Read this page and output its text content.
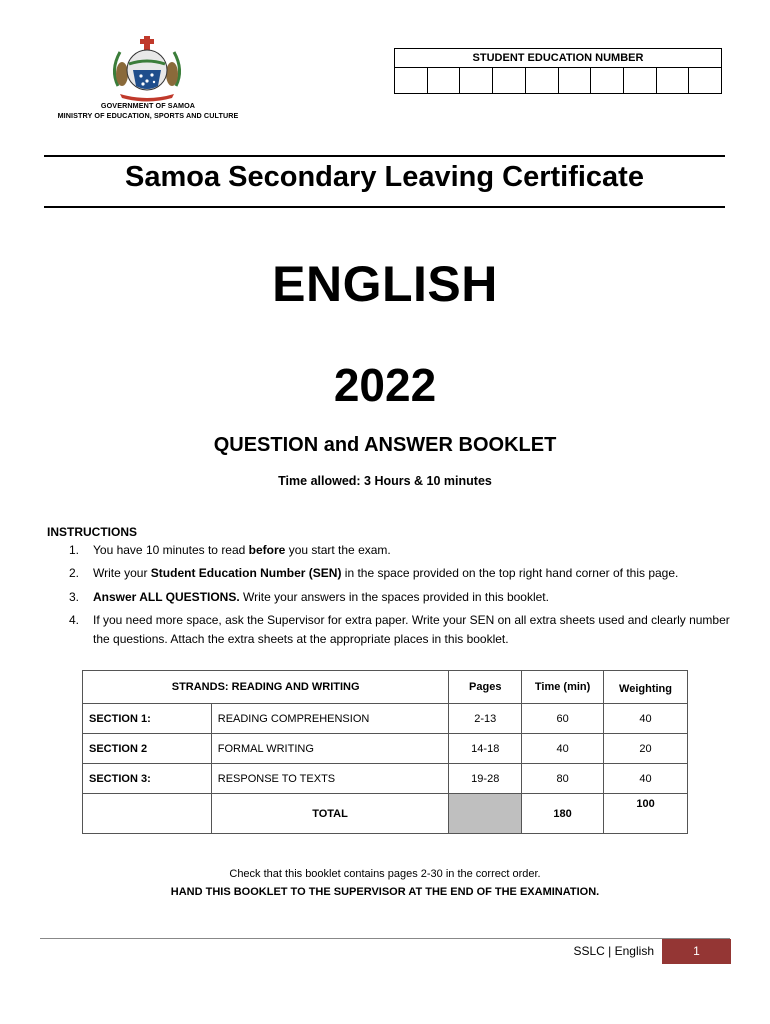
GOVERNMENT OF SAMOA
MINISTRY OF EDUCATION, SPORTS AND CULTURE
STUDENT EDUCATION NUMBER
Samoa Secondary Leaving Certificate
ENGLISH
2022
QUESTION and ANSWER BOOKLET
Time allowed: 3 Hours & 10 minutes
INSTRUCTIONS
1.	You have 10 minutes to read before you start the exam.
2.	Write your Student Education Number (SEN) in the space provided on the top right hand corner of this page.
3.	Answer ALL QUESTIONS. Write your answers in the spaces provided in this booklet.
4.	If you need more space, ask the Supervisor for extra paper. Write your SEN on all extra sheets used and clearly number the questions. Attach the extra sheets at the appropriate places in this booklet.
STRANDS: READING AND WRITING		Pages	Time (min)	Weighting
SECTION 1:	READING COMPREHENSION	2-13	60	40
SECTION 2	FORMAL WRITING	14-18	40	20
SECTION 3:	RESPONSE TO TEXTS	19-28	80	40
	TOTAL		180	100
Check that this booklet contains pages 2-30 in the correct order.
HAND THIS BOOKLET TO THE SUPERVISOR AT THE END OF THE EXAMINATION.
SSLC | English	1
